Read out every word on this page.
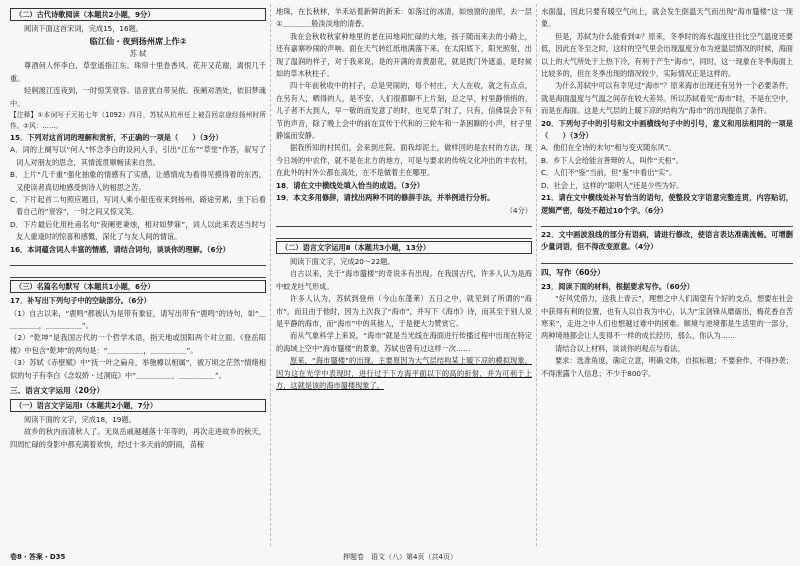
（二）古代诗歌阅读（本题共2小题，9分）

阅读下面这首宋词，完成15，16题。

临江仙・夜到扬州席上作②

苏 轼

尊酒何人怀李白，草堂遥指江东。珠帘十里卷香风。花开又花谢，离恨几千重。

轻舸渡江连夜到，一时惊笑衰容。语音犹自带吴侬。夜阑对酒处，依旧梦魂中。

【注释】①本词写于元祐七年（1092）四月，苏轼从杭州任上被召回京途经扬州时所作。②风：……。

15．下列对这首词的理解和赏析，不正确的一项是（　　）（3分）

A．词的上阕写以“何人”怀念李白的设问入手，引出“江东”“草堂”作答，叙写了词人对朋友的思念，其情流贯顺畅读来自然。

B．上片“几千重”强化抽象的情感有了实感，让感情成为看得见摸得着的东西，又使读者真切地感受到诗人的相思之苦。

C．下片起首二句照应题目，写词人乘小船连夜来到扬州，路途劳累，坐下后看着自己的“衰容”，一时之间又惊又笑。

D．下片最后化用杜甫名句“夜阑更秉烛，相对如梦寐”，词人以此来表达当时与友人重逢时的惊喜和感慨，深化了与友人间的情谊。

16．本词蕴含词人丰富的情感，请结合词句，谈谈你的理解。（6分）

（三）名篇名句默写（本题共1小题，6分）

17．补写出下列句子中的空缺部分。（6分）

（1）自古以来，“鹿鸣”都被认为是带有象征，请写出带有“鹿鸣”的诗句，如“＿＿＿＿＿，＿＿＿＿＿”。

（2）“乾坤”是我国古代的一个哲学术语，指天地或国阳两个对立面。《登岳阳楼》中包含“乾坤”的两句是：“＿＿＿＿＿，＿＿＿＿＿”。

（3）苏轼《赤壁赋》中“抚一叶之扁舟，举匏樽以相属”，被万顷之茫然”情绪相似的句子有李白《念奴娇・过洞庭》中“＿＿＿＿＿，＿＿＿＿＿”。

三、语言文字运用（20分）

（一）语言文字运用Ⅰ（本题共2小题，7分）

阅读下面的文字，完成18，19题。

故乡的秋内而清秋人了。无岚岳戚越越落十年等的，再次走进故乡的秋天，四周忙碌的身影中都充满着欢快，经过十多天前的阴雨，苗稼

地珠，在长秋林，羊禾站着新鲜的新禾：如落过的冰清，如烛窗的油库，去一层①＿＿＿＿般淡淡地的清香。

我在会秋收秋家种地里的老在田地间忙碌的大地，孩子随而来去的小路上，还有嘉寨吵闹的声响。面在天气转红纸地满落下来，在太阳底下，阳光照射，出现了温润的样子，对于我来说，是的开满的青黄甜花，就是拨门外遮盖，是时候如的草木秋柱子。

四十年前秋收中的村子，总是突闹的，每个村庄，大人在收，就之有点点，在另有人，晒得的人，是不安，人们很都聊不上片刻，总之早，村里静悄悄的，儿子者不大到人，早一敬的而发意了的时，也见草了时了，只有，信佛误会下有节的声音，除了晚上会中的前在宣传于代和的三轮车和一条困聊的小声，村子里静谧而安静。

据我所知的村民们，会来到庄院。面我却泥土，做样回的是农村的方法，现今日场的中农作，就不是在北方的地方，可是与要求的传统文化冲出的丰农村，在此外的村外公都在高处，在不是做着主在哪里。

18．请在文中横线处填入恰当的成语。（3分）

19．本文多用修辞，请找出两种不同的修辞手法，并举例进行分析。

（4分）

（二）语言文字运用Ⅱ（本题共3小题，13分）

阅读下面文字，完成20～22题。

自古以来，关于“海市蜃楼”的奇说多有出现。在我国古代，许多人认为是海中蛟龙吐气形成。

许多人认为，苏轼到登州（今山东蓬莱）五日之中，就见到了所谓的“海市”，而且由于他时，因为上次我了“海市”，并写下《海市》诗，而其至于别人说是平静的海市，而“海市”中的其他人，于是便大力赞赏它。

而从气象科学上来说，“海市”就是当光线在海面进行传播过程中出现在特定的海域上空中“海市蜃楼”的景象，苏轼也曾有过这样一次……

原来，“海市蜃楼”的出现，主要原因为大气层结构某上暖下凉的模拟现象，因为这在光学中表现时，进行过于下方海平面以下的高的折射，并为可利于上方，这就是该的海市蜃楼现象了。

水面温，因此只要有暖空气向上，就会发生倒温天气而出现“海市蜃楼”这一现象。

但是，苏轼为什么能看到②？原来，冬季时的海水温度往往比空气温度还要低，因此在冬至之时，这时的空气里会出现温度分布为逆温层情况的时候，海面以上的大气所处于上热下冷，有利于产生“海市”，同时，这一现象在冬季海面上比较多的，但在冬季出现的情况较少，实际情况正是这样的。

为什么苏轼中可以有幸见过“海市”？原来海市出现还有另外一个必要条件，就是海面温度与气温之间存在较大差异。所以苏轼看见“海市”时，不是在空中，而是在海面。这是大气层的上暖下凉的结构为“海市”的出现提供了条件。

20．下列句子中的引号和文中画横线句子中的引号，意义和用法相同的一项是（　　）（3分）

A．他们在全诗的末句“相与变灭随东风”。

B．乡下人会给能言善辩的人，叫作“天桓”。

C．人们不“鉴”当前，但“鉴”中看出“实”。

D．社会上，这样的“聪明人”还是少些为好。

21．请在文中横线处补写恰当的语句，使整段文字语意完整连贯，内容贴切，逻辑严密，每处不超过10个字。（6分）

22．文中画波浪线的部分有语病，请进行修改，使语言表达准确流畅。可增删少量词语，但不得改变原意。（4分）

四、写作（60分）

23．阅读下面的材料，根据要求写作。（60分）

“好风凭借力，送我上青云”，理想之中人们渴望有个好的支点，想要在社会中获得有利的位置，也有人以自我为中心，认为“宝剑锋从磨砺出，梅花香自苦寒来”，走进之中人们也想越过难中的困难。顺境与逆境都是生活里的一部分，两种境地都会让人变得不一样的成长经历，那么，你认为……

请结合以上材料，谈谈你的观点与看法。

要求：选准角度，确定立意，明确文体，自拟标题；不要套作，不得抄袭；不得泄露个人信息；不少于800字。

卷8・答案・D35	押题卷　语文（八）第4页（共4页）
